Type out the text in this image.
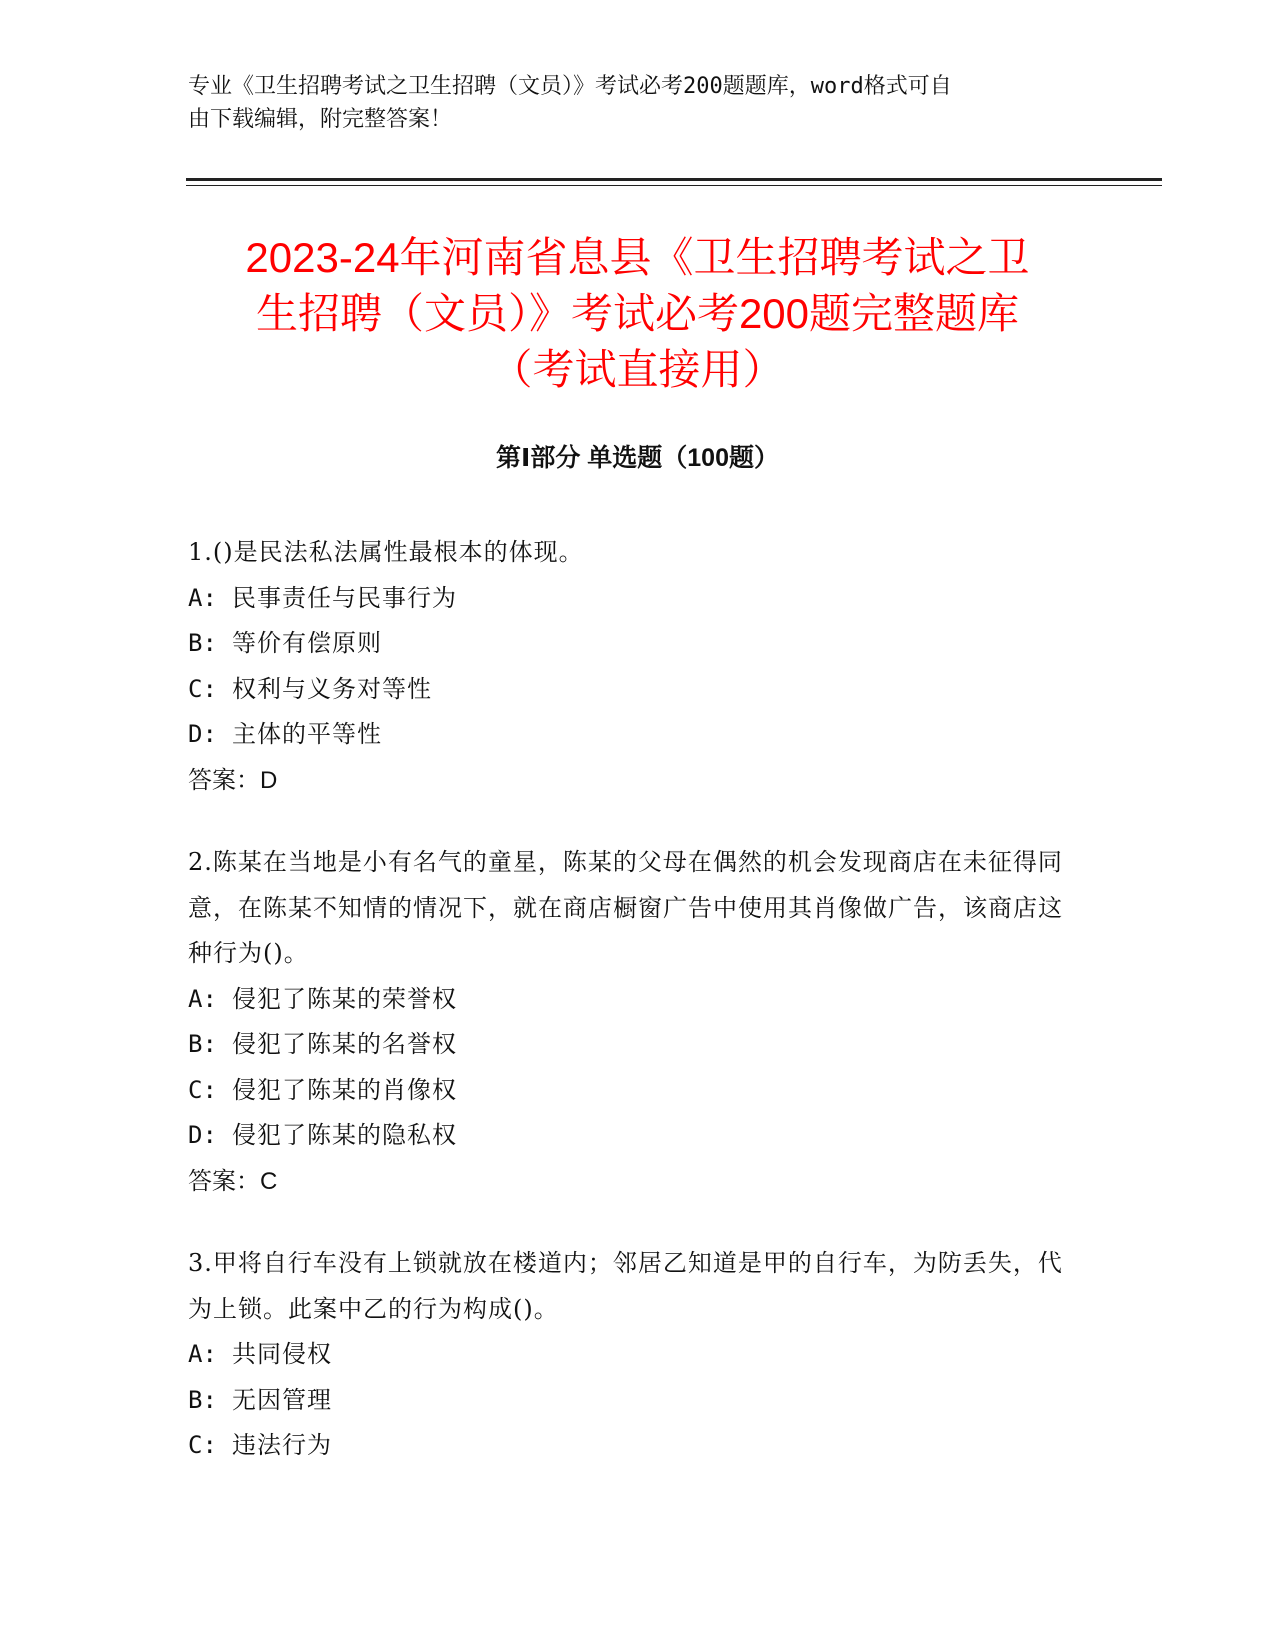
专业《卫生招聘考试之卫生招聘（文员）》考试必考200题题库，word格式可自

由下载编辑，附完整答案！

2023-24年河南省息县《卫生招聘考试之卫
生招聘（文员）》考试必考200题完整题库
（考试直接用）
第Ⅰ部分 单选题（100题）

1.()是民法私法属性最根本的体现。

A: 民事责任与民事行为

B: 等价有偿原则

C: 权利与义务对等性

D: 主体的平等性

答案：D

2.陈某在当地是小有名气的童星，陈某的父母在偶然的机会发现商店在未征得同意，在陈某不知情的情况下，就在商店橱窗广告中使用其肖像做广告，该商店这种行为()。

A: 侵犯了陈某的荣誉权

B: 侵犯了陈某的名誉权

C: 侵犯了陈某的肖像权

D: 侵犯了陈某的隐私权

答案：C

3.甲将自行车没有上锁就放在楼道内；邻居乙知道是甲的自行车，为防丢失，代为上锁。此案中乙的行为构成()。

A: 共同侵权

B: 无因管理

C: 违法行为
